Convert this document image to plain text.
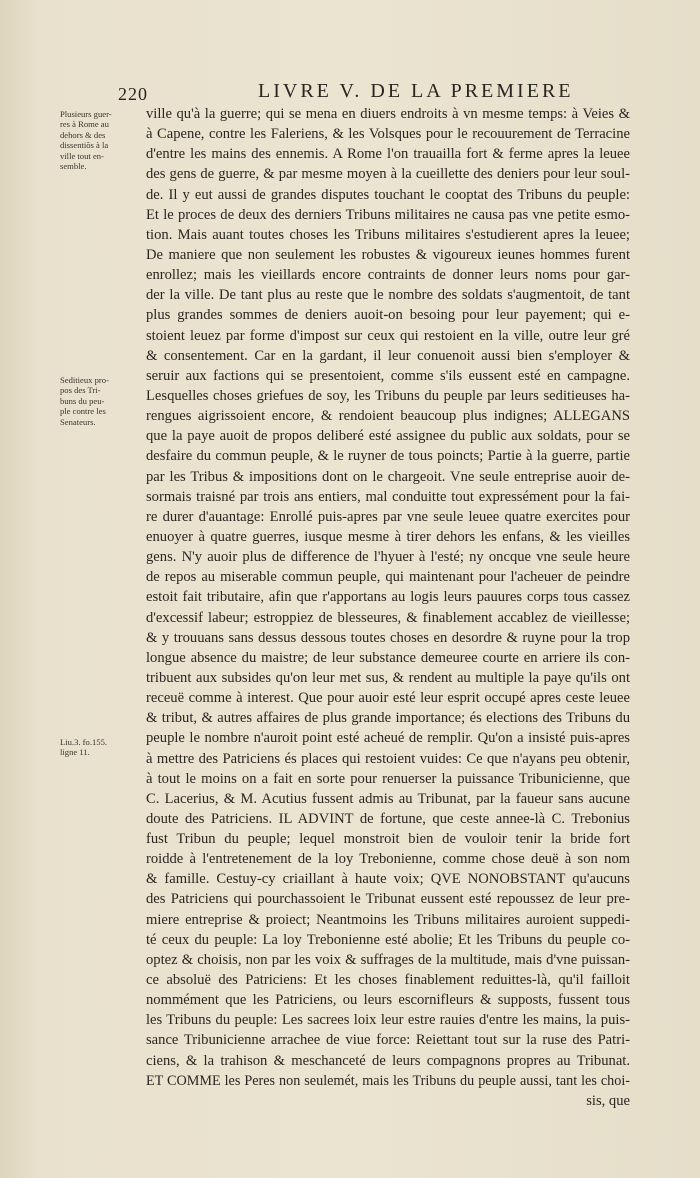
220	LIVRE V. DE LA PREMIERE
Plusieurs guer-
res à Rome au
dehors & des
dissentiõs à la
ville tout en-
semble.
Seditieux pro-
pos des Tri-
buns du peu-
ple contre les
Senateurs.
Liu.3. fo.155.
ligne 11.
ville qu'à la guerre; qui se mena en diuers endroits à vn mesme temps: à Veies &
à Capene, contre les Faleriens, & les Volsques pour le recouurement de Terracine
d'entre les mains des ennemis. A Rome l'on trauailla fort & ferme apres la leuee
des gens de guerre, & par mesme moyen à la cueillette des deniers pour leur soul-
de. Il y eut aussi de grandes disputes touchant le cooptat des Tribuns du peuple:
Et le proces de deux des derniers Tribuns militaires ne causa pas vne petite esmo-
tion. Mais auant toutes choses les Tribuns militaires s'estudierent apres la leuee;
De maniere que non seulement les robustes & vigoureux ieunes hommes furent
enrollez; mais les vieillards encore contraints de donner leurs noms pour gar-
der la ville. De tant plus au reste que le nombre des soldats s'augmentoit, de tant
plus grandes sommes de deniers auoit-on besoing pour leur payement; qui e-
stoient leuez par forme d'impost sur ceux qui restoient en la ville, outre leur gré
& consentement. Car en la gardant, il leur conuenoit aussi bien s'employer &
seruir aux factions qui se presentoient, comme s'ils eussent esté en campagne.
Lesquelles choses griefues de soy, les Tribuns du peuple par leurs seditieuses ha-
rengues aigrissoient encore, & rendoient beaucoup plus indignes; ALLEGANS
que la paye auoit de propos deliberé esté assignee du public aux soldats, pour se
desfaire du commun peuple, & le ruyner de tous poincts; Partie à la guerre, partie
par les Tribus & impositions dont on le chargeoit. Vne seule entreprise auoir de-
sormais traisné par trois ans entiers, mal conduitte tout expressément pour la fai-
re durer d'auantage: Enrollé puis-apres par vne seule leuee quatre exercites pour
enuoyer à quatre guerres, iusque mesme à tirer dehors les enfans, & les vieilles
gens. N'y auoir plus de difference de l'hyuer à l'esté; ny oncque vne seule heure
de repos au miserable commun peuple, qui maintenant pour l'acheuer de peindre
estoit fait tributaire, afin que r'apportans au logis leurs pauures corps tous cassez
d'excessif labeur; estroppiez de blesseures, & finablement accablez de vieillesse;
& y trouuans sans dessus dessous toutes choses en desordre & ruyne pour la trop
longue absence du maistre; de leur substance demeuree courte en arriere ils con-
tribuent aux subsides qu'on leur met sus, & rendent au multiple la paye qu'ils ont
receuë comme à interest. Que pour auoir esté leur esprit occupé apres ceste leuee
& tribut, & autres affaires de plus grande importance; és elections des Tribuns du
peuple le nombre n'auroit point esté acheué de remplir. Qu'on a insisté puis-apres
à mettre des Patriciens és places qui restoient vuides: Ce que n'ayans peu obtenir,
à tout le moins on a fait en sorte pour renuerser la puissance Tribunicienne, que
C. Lacerius, & M. Acutius fussent admis au Tribunat, par la faueur sans aucune
doute des Patriciens. IL ADVINT de fortune, que ceste annee-là C. Trebonius
fust Tribun du peuple; lequel monstroit bien de vouloir tenir la bride fort
roidde à l'entretenement de la loy Trebonienne, comme chose deuë à son nom
& famille. Cestuy-cy criaillant à haute voix; QVE NONOBSTANT qu'aucuns
des Patriciens qui pourchassoient le Tribunat eussent esté repoussez de leur pre-
miere entreprise & proiect; Neantmoins les Tribuns militaires auroient suppedi-
té ceux du peuple: La loy Trebonienne esté abolie; Et les Tribuns du peuple co-
optez & choisis, non par les voix & suffrages de la multitude, mais d'vne puissan-
ce absoluë des Patriciens: Et les choses finablement reduittes-là, qu'il failloit
nommément que les Patriciens, ou leurs escornifleurs & supposts, fussent tous
les Tribuns du peuple: Les sacrees loix leur estre rauies d'entre les mains, la puis-
sance Tribunicienne arrachee de viue force: Reiettant tout sur la ruse des Patri-
ciens, & la trahison & meschanceté de leurs compagnons propres au Tribunat.
ET COMME les Peres non seulemét, mais les Tribuns du peuple aussi, tant les choi-
sis, que
